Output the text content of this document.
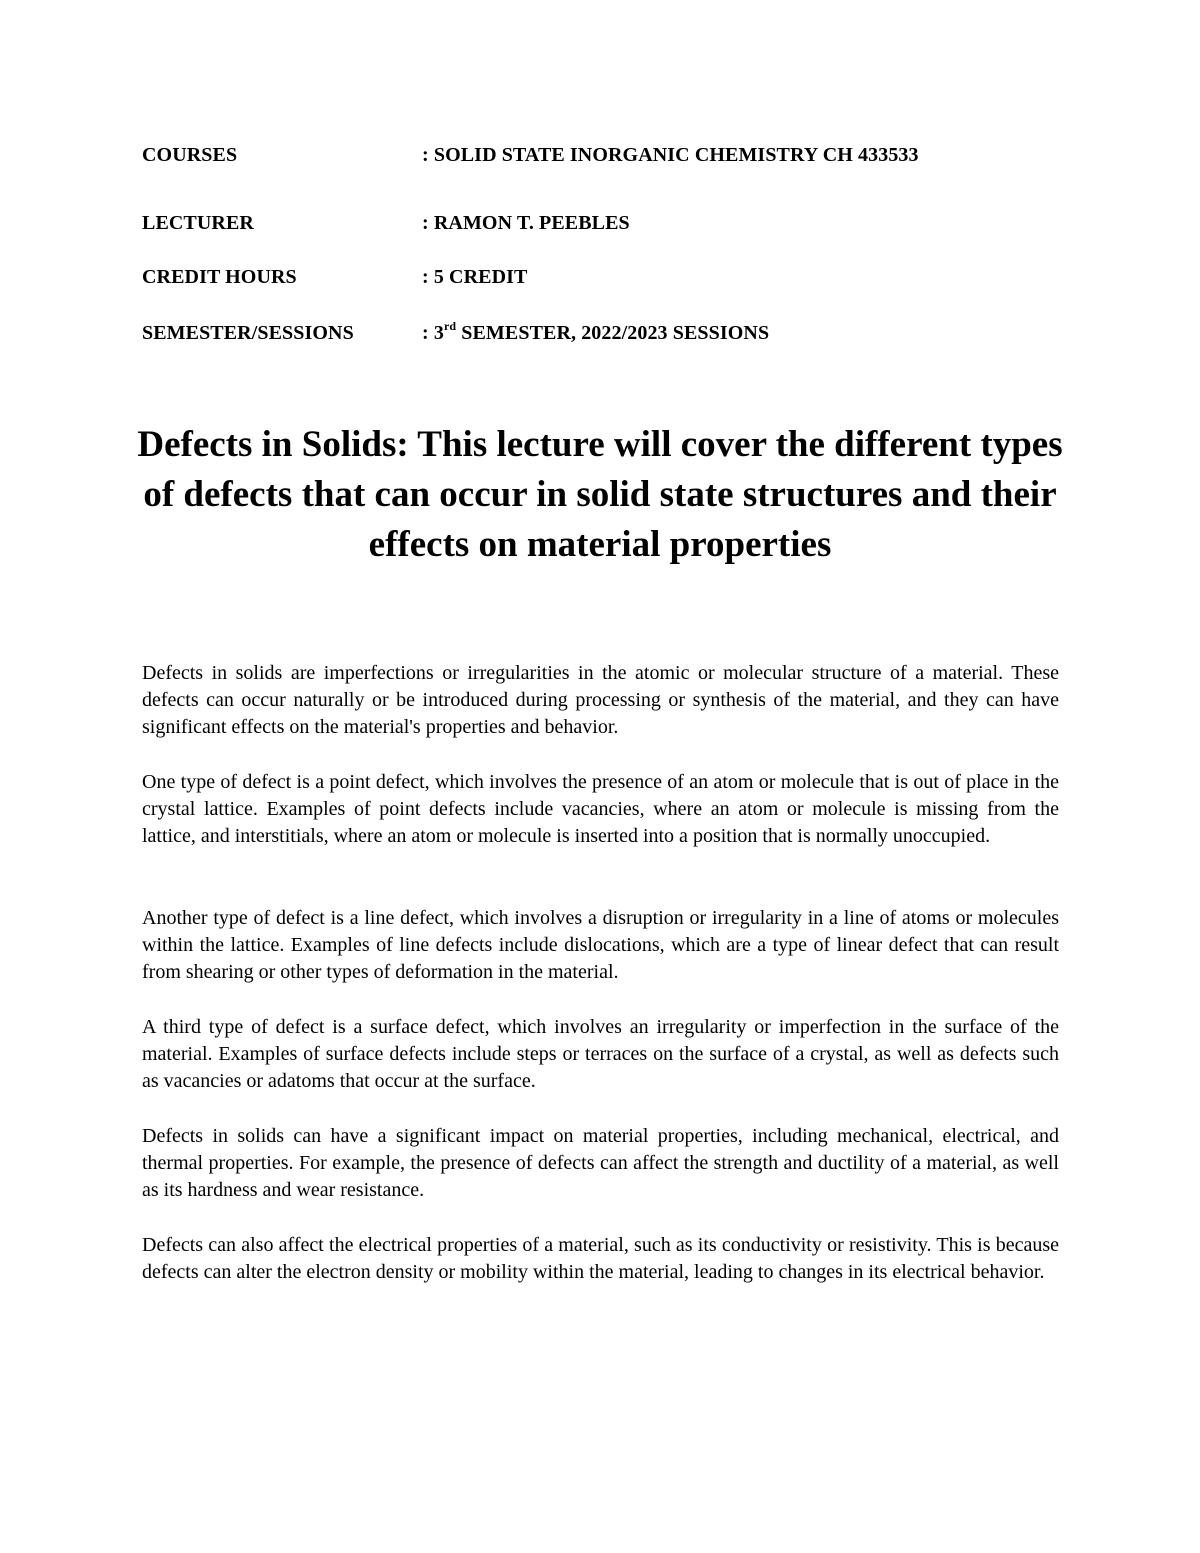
COURSES	: SOLID STATE INORGANIC CHEMISTRY CH 433533
LECTURER	: RAMON T. PEEBLES
CREDIT HOURS	: 5 CREDIT
SEMESTER/SESSIONS	: 3rd SEMESTER, 2022/2023 SESSIONS
Defects in Solids: This lecture will cover the different types of defects that can occur in solid state structures and their effects on material properties

Defects in solids are imperfections or irregularities in the atomic or molecular structure of a material. These defects can occur naturally or be introduced during processing or synthesis of the material, and they can have significant effects on the material's properties and behavior.

One type of defect is a point defect, which involves the presence of an atom or molecule that is out of place in the crystal lattice. Examples of point defects include vacancies, where an atom or molecule is missing from the lattice, and interstitials, where an atom or molecule is inserted into a position that is normally unoccupied.

Another type of defect is a line defect, which involves a disruption or irregularity in a line of atoms or molecules within the lattice. Examples of line defects include dislocations, which are a type of linear defect that can result from shearing or other types of deformation in the material.

A third type of defect is a surface defect, which involves an irregularity or imperfection in the surface of the material. Examples of surface defects include steps or terraces on the surface of a crystal, as well as defects such as vacancies or adatoms that occur at the surface.

Defects in solids can have a significant impact on material properties, including mechanical, electrical, and thermal properties. For example, the presence of defects can affect the strength and ductility of a material, as well as its hardness and wear resistance.

Defects can also affect the electrical properties of a material, such as its conductivity or resistivity. This is because defects can alter the electron density or mobility within the material, leading to changes in its electrical behavior.
